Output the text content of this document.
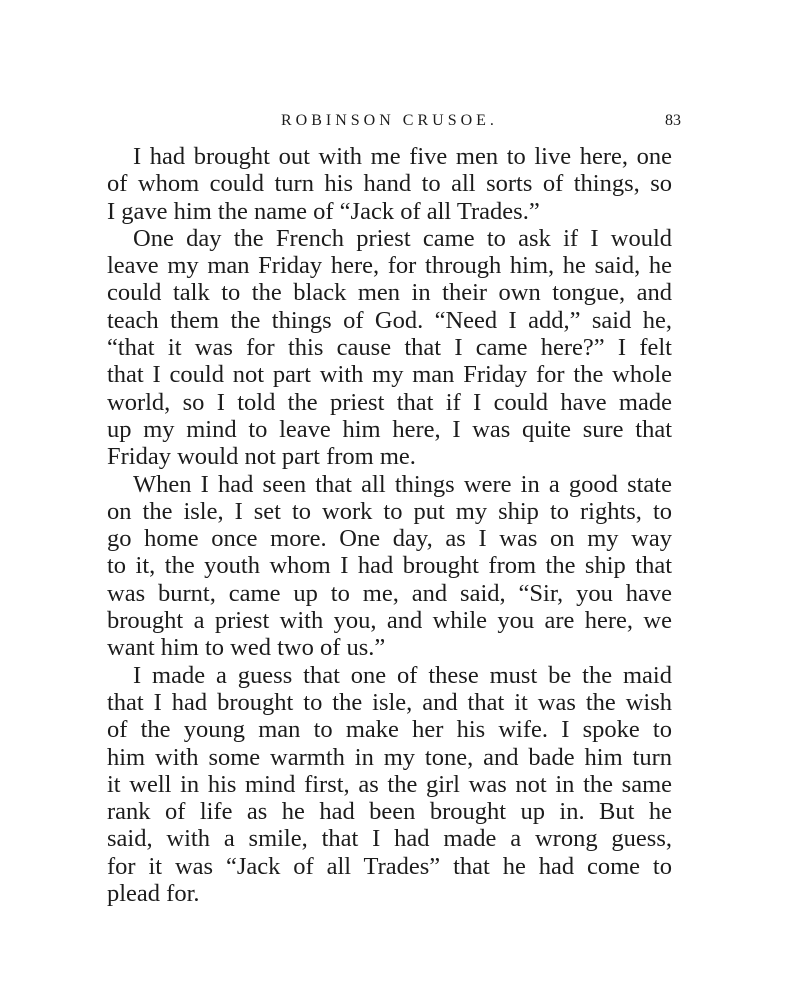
ROBINSON CRUSOE.	83
I had brought out with me five men to live here, one
of whom could turn his hand to all sorts of things, so
I gave him the name of “Jack of all Trades.”
One day the French priest came to ask if I would
leave my man Friday here, for through him, he said, he
could talk to the black men in their own tongue, and
teach them the things of God. “Need I add,” said he,
“that it was for this cause that I came here?” I felt
that I could not part with my man Friday for the whole
world, so I told the priest that if I could have made
up my mind to leave him here, I was quite sure that
Friday would not part from me.
When I had seen that all things were in a good state
on the isle, I set to work to put my ship to rights, to
go home once more. One day, as I was on my way
to it, the youth whom I had brought from the ship that
was burnt, came up to me, and said, “Sir, you have
brought a priest with you, and while you are here, we
want him to wed two of us.”
I made a guess that one of these must be the maid
that I had brought to the isle, and that it was the wish
of the young man to make her his wife. I spoke to
him with some warmth in my tone, and bade him turn
it well in his mind first, as the girl was not in the same
rank of life as he had been brought up in. But he
said, with a smile, that I had made a wrong guess,
for it was “Jack of all Trades” that he had come to
plead for.
